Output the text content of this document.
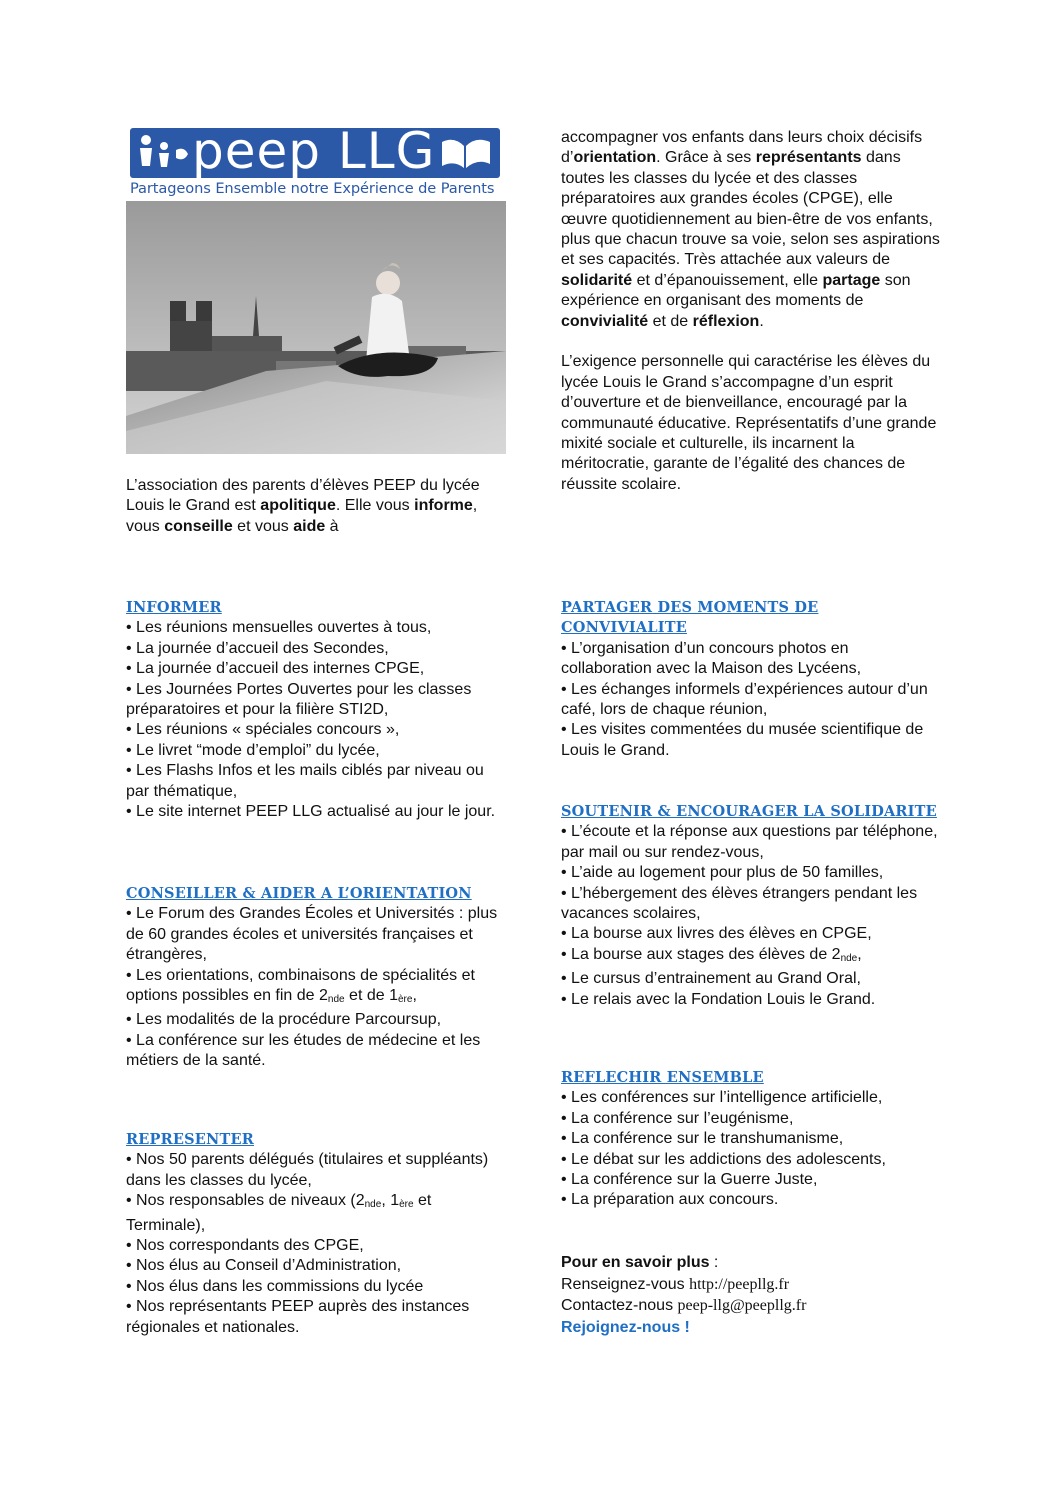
peep LLG
Partageons Ensemble notre Expérience de Parents

L’association des parents d’élèves PEEP du lycée Louis le Grand est apolitique. Elle vous informe, vous conseille et vous aide à

accompagner vos enfants dans leurs choix décisifs d’orientation. Grâce à ses représentants dans toutes les classes du lycée et des classes préparatoires aux grandes écoles (CPGE), elle œuvre quotidiennement au bien-être de vos enfants, plus que chacun trouve sa voie, selon ses aspirations et ses capacités. Très attachée aux valeurs de solidarité et d’épanouissement, elle partage son expérience en organisant des moments de convivialité et de réflexion.

L’exigence personnelle qui caractérise les élèves du lycée Louis le Grand s’accompagne d’un esprit d’ouverture et de bienveillance, encouragé par la communauté éducative. Représentatifs d’une grande mixité sociale et culturelle, ils incarnent la méritocratie, garante de l’égalité des chances de réussite scolaire.

INFORMER

• Les réunions mensuelles ouvertes à tous,

• La journée d’accueil des Secondes,

• La journée d’accueil des internes CPGE,

• Les Journées Portes Ouvertes pour les classes préparatoires et pour la filière STI2D,

• Les réunions « spéciales concours »,

• Le livret “mode d’emploi” du lycée,

• Les Flashs Infos et les mails ciblés par niveau ou par thématique,

• Le site internet PEEP LLG actualisé au jour le jour.

CONSEILLER & AIDER A L’ORIENTATION

• Le Forum des Grandes Écoles et Universités : plus de 60 grandes écoles et universités françaises et étrangères,

• Les orientations, combinaisons de spécialités et options possibles en fin de $2_{nde}$ et de $1_{ère}$,

• Les modalités de la procédure Parcoursup,

• La conférence sur les études de médecine et les métiers de la santé.

REPRESENTER

• Nos 50 parents délégués (titulaires et suppléants) dans les classes du lycée,

• Nos responsables de niveaux ($2_{nde}$, $1_{ère}$ et Terminale),

• Nos correspondants des CPGE,

• Nos élus au Conseil d’Administration,

• Nos élus dans les commissions du lycée

• Nos représentants PEEP auprès des instances régionales et nationales.

PARTAGER DES MOMENTS DE CONVIVIALITE

• L’organisation d’un concours photos en collaboration avec la Maison des Lycéens,

• Les échanges informels d’expériences autour d’un café, lors de chaque réunion,

• Les visites commentées du musée scientifique de Louis le Grand.

SOUTENIR & ENCOURAGER LA SOLIDARITE

• L’écoute et la réponse aux questions par téléphone, par mail ou sur rendez-vous,

• L’aide au logement pour plus de 50 familles,

• L’hébergement des élèves étrangers pendant les vacances scolaires,

• La bourse aux livres des élèves en CPGE,

• La bourse aux stages des élèves de $2_{nde}$,

• Le cursus d’entrainement au Grand Oral,

• Le relais avec la Fondation Louis le Grand.

REFLECHIR ENSEMBLE

• Les conférences sur l’intelligence artificielle,

• La conférence sur l’eugénisme,

• La conférence sur le transhumanisme,

• Le débat sur les addictions des adolescents,

• La conférence sur la Guerre Juste,

• La préparation aux concours.

Pour en savoir plus :

Renseignez-vous http://peepllg.fr

Contactez-nous peep-llg@peepllg.fr

Rejoignez-nous !
